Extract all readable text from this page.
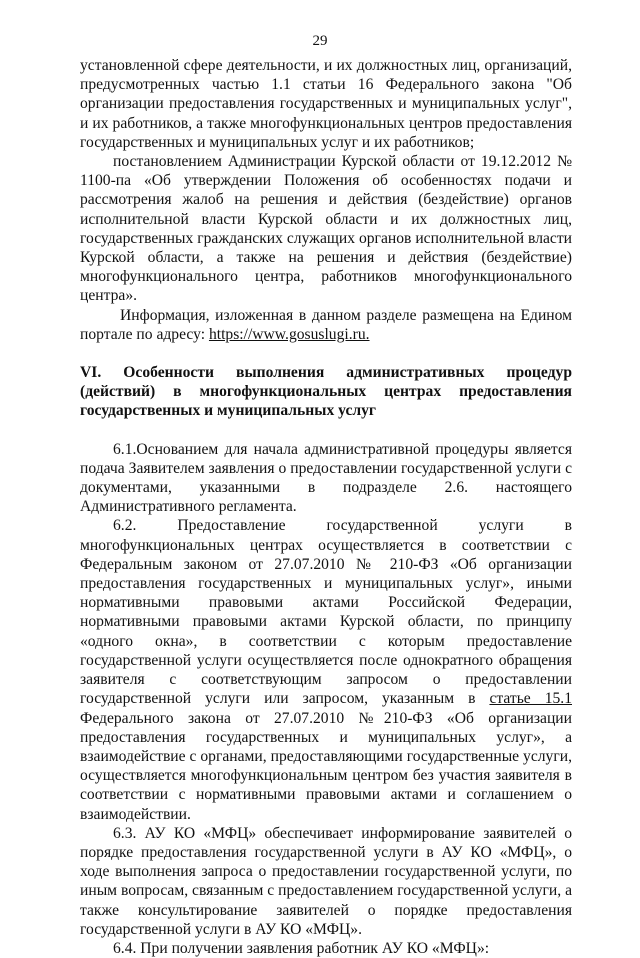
29

установленной сфере деятельности, и их должностных лиц, организаций, предусмотренных частью 1.1 статьи 16 Федерального закона "Об организации предоставления государственных и муниципальных услуг", и их работников, а также многофункциональных центров предоставления государственных и муниципальных услуг и их работников;

постановлением Администрации Курской области от 19.12.2012 № 1100-па «Об утверждении Положения об особенностях подачи и рассмотрения жалоб на решения и действия (бездействие) органов исполнительной власти Курской области и их должностных лиц, государственных гражданских служащих органов исполнительной власти Курской области, а также на решения и действия (бездействие) многофункционального центра, работников многофункционального центра».

Информация, изложенная в данном разделе размещена на Едином портале по адресу: https://www.gosuslugi.ru.

VI. Особенности выполнения административных процедур (действий) в многофункциональных центрах предоставления государственных и муниципальных услуг

6.1.Основанием для начала административной процедуры является подача Заявителем заявления о предоставлении государственной услуги с документами, указанными в подразделе 2.6. настоящего Административного регламента.

6.2. Предоставление государственной услуги в многофункциональных центрах осуществляется в соответствии с Федеральным законом от 27.07.2010 № 210-ФЗ «Об организации предоставления государственных и муниципальных услуг», иными нормативными правовыми актами Российской Федерации, нормативными правовыми актами Курской области, по принципу «одного окна», в соответствии с которым предоставление государственной услуги осуществляется после однократного обращения заявителя с соответствующим запросом о предоставлении государственной услуги или запросом, указанным в статье 15.1 Федерального закона от 27.07.2010 №210-ФЗ «Об организации предоставления государственных и муниципальных услуг», а взаимодействие с органами, предоставляющими государственные услуги, осуществляется многофункциональным центром без участия заявителя в соответствии с нормативными правовыми актами и соглашением о взаимодействии.

6.3. АУ КО «МФЦ» обеспечивает информирование заявителей о порядке предоставления государственной услуги в АУ КО «МФЦ», о ходе выполнения запроса о предоставлении государственной услуги, по иным вопросам, связанным с предоставлением государственной услуги, а также консультирование заявителей о порядке предоставления государственной услуги в АУ КО «МФЦ».

6.4. При получении заявления работник АУ КО «МФЦ»:
